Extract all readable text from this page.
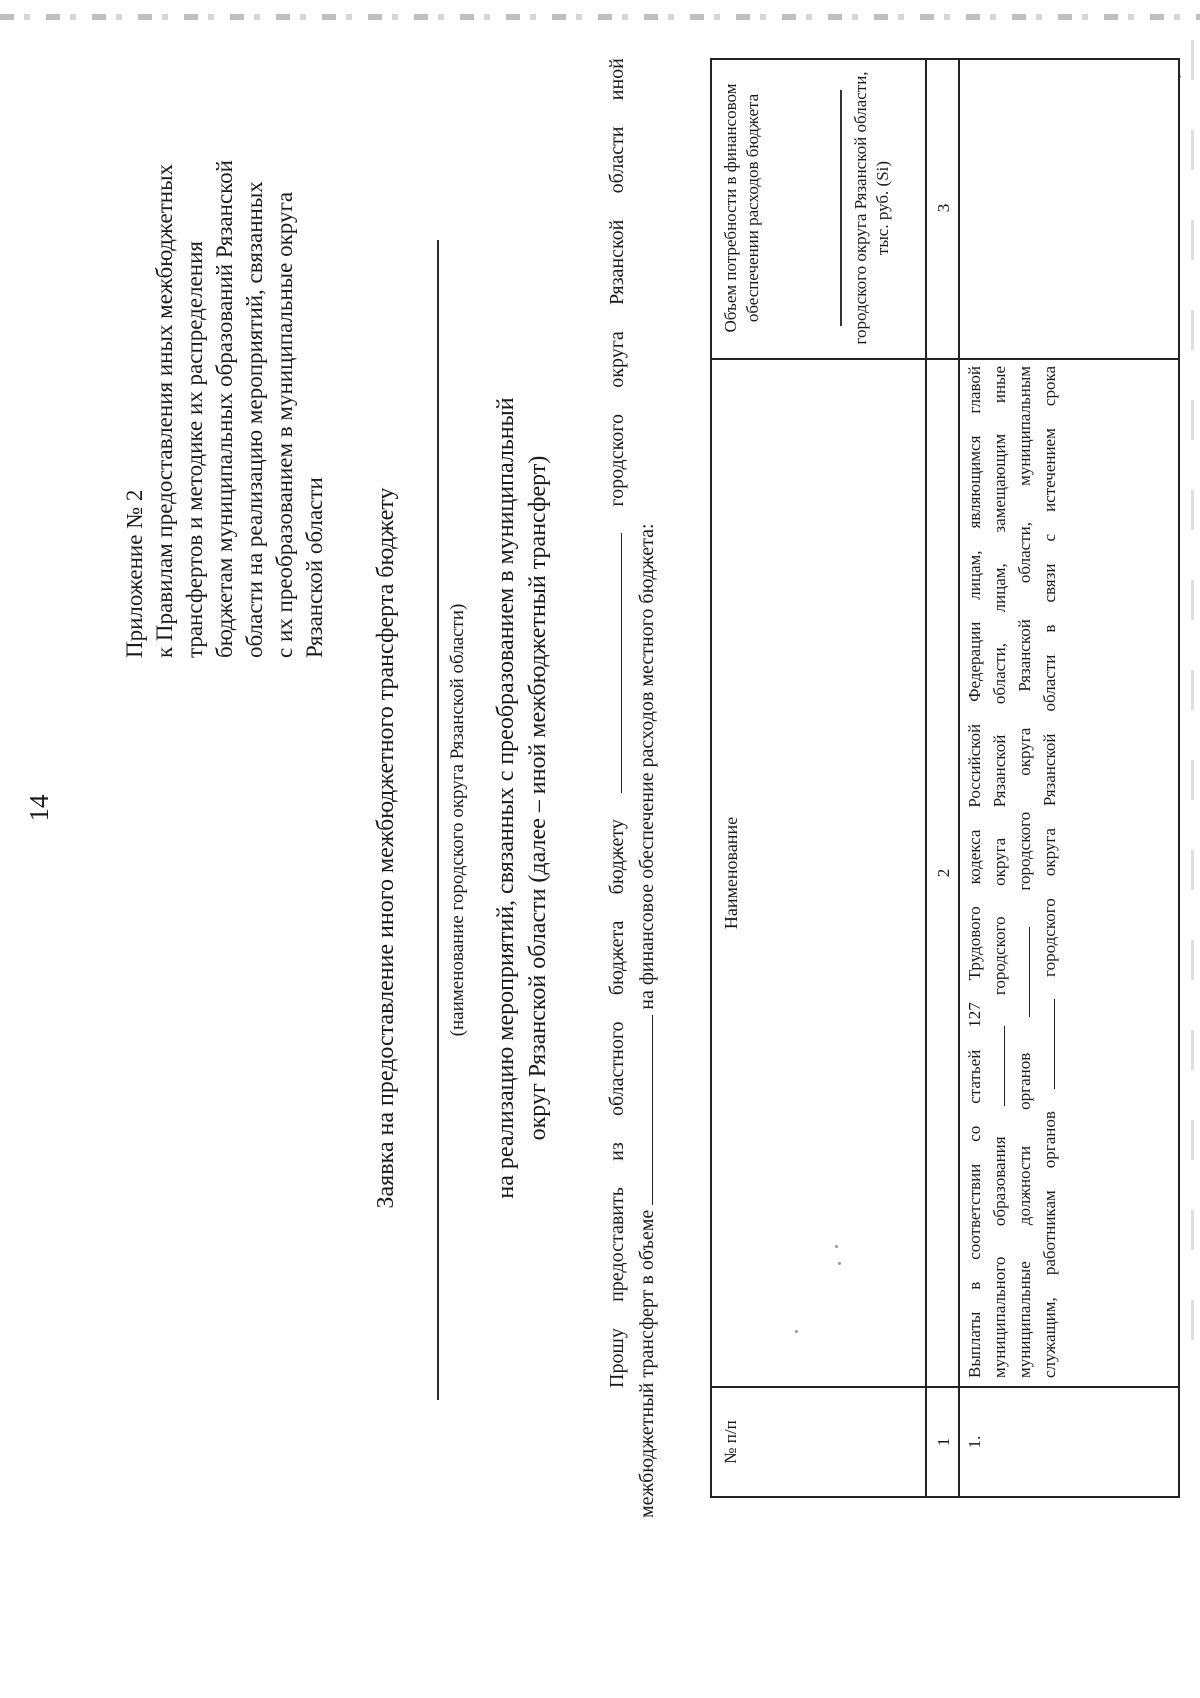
14
Приложение № 2 к Правилам предоставления иных межбюджетных трансфертов и методике их распределения бюджетам муниципальных образований Рязанской области на реализацию мероприятий, связанных с их преобразованием в муниципальные округа Рязанской области Заявка на предоставление иного межбюджетного трансферта бюджету	(наименование городского округа Рязанской области) на реализацию мероприятий, связанных с преобразованием в муниципальный округ Рязанской области (далее – иной межбюджетный трансферт)
Прошу
предоставить
из
областного
бюджета
бюджету
городского
округа
Рязанской
области
иной
межбюджетный трансферт в объеме  на финансовое обеспечение расходов местного бюджета:
№ п/п
Наименование
Объем потребности в финансовом обеспечении расходов бюджета	городского округа Рязанской области, тыс. руб. (Si)
1
2
3
1.
Выплаты в соответствии со статьей 127 Трудового кодекса Российской Федерации лицам, являющимся главой муниципального образования  городского округа Рязанской области, лицам, замещающим иные
муниципальные должности органов  городского округа Рязанской области, муниципальным
служащим, работникам органов  городского округа Рязанской области в связи с истечением срока
